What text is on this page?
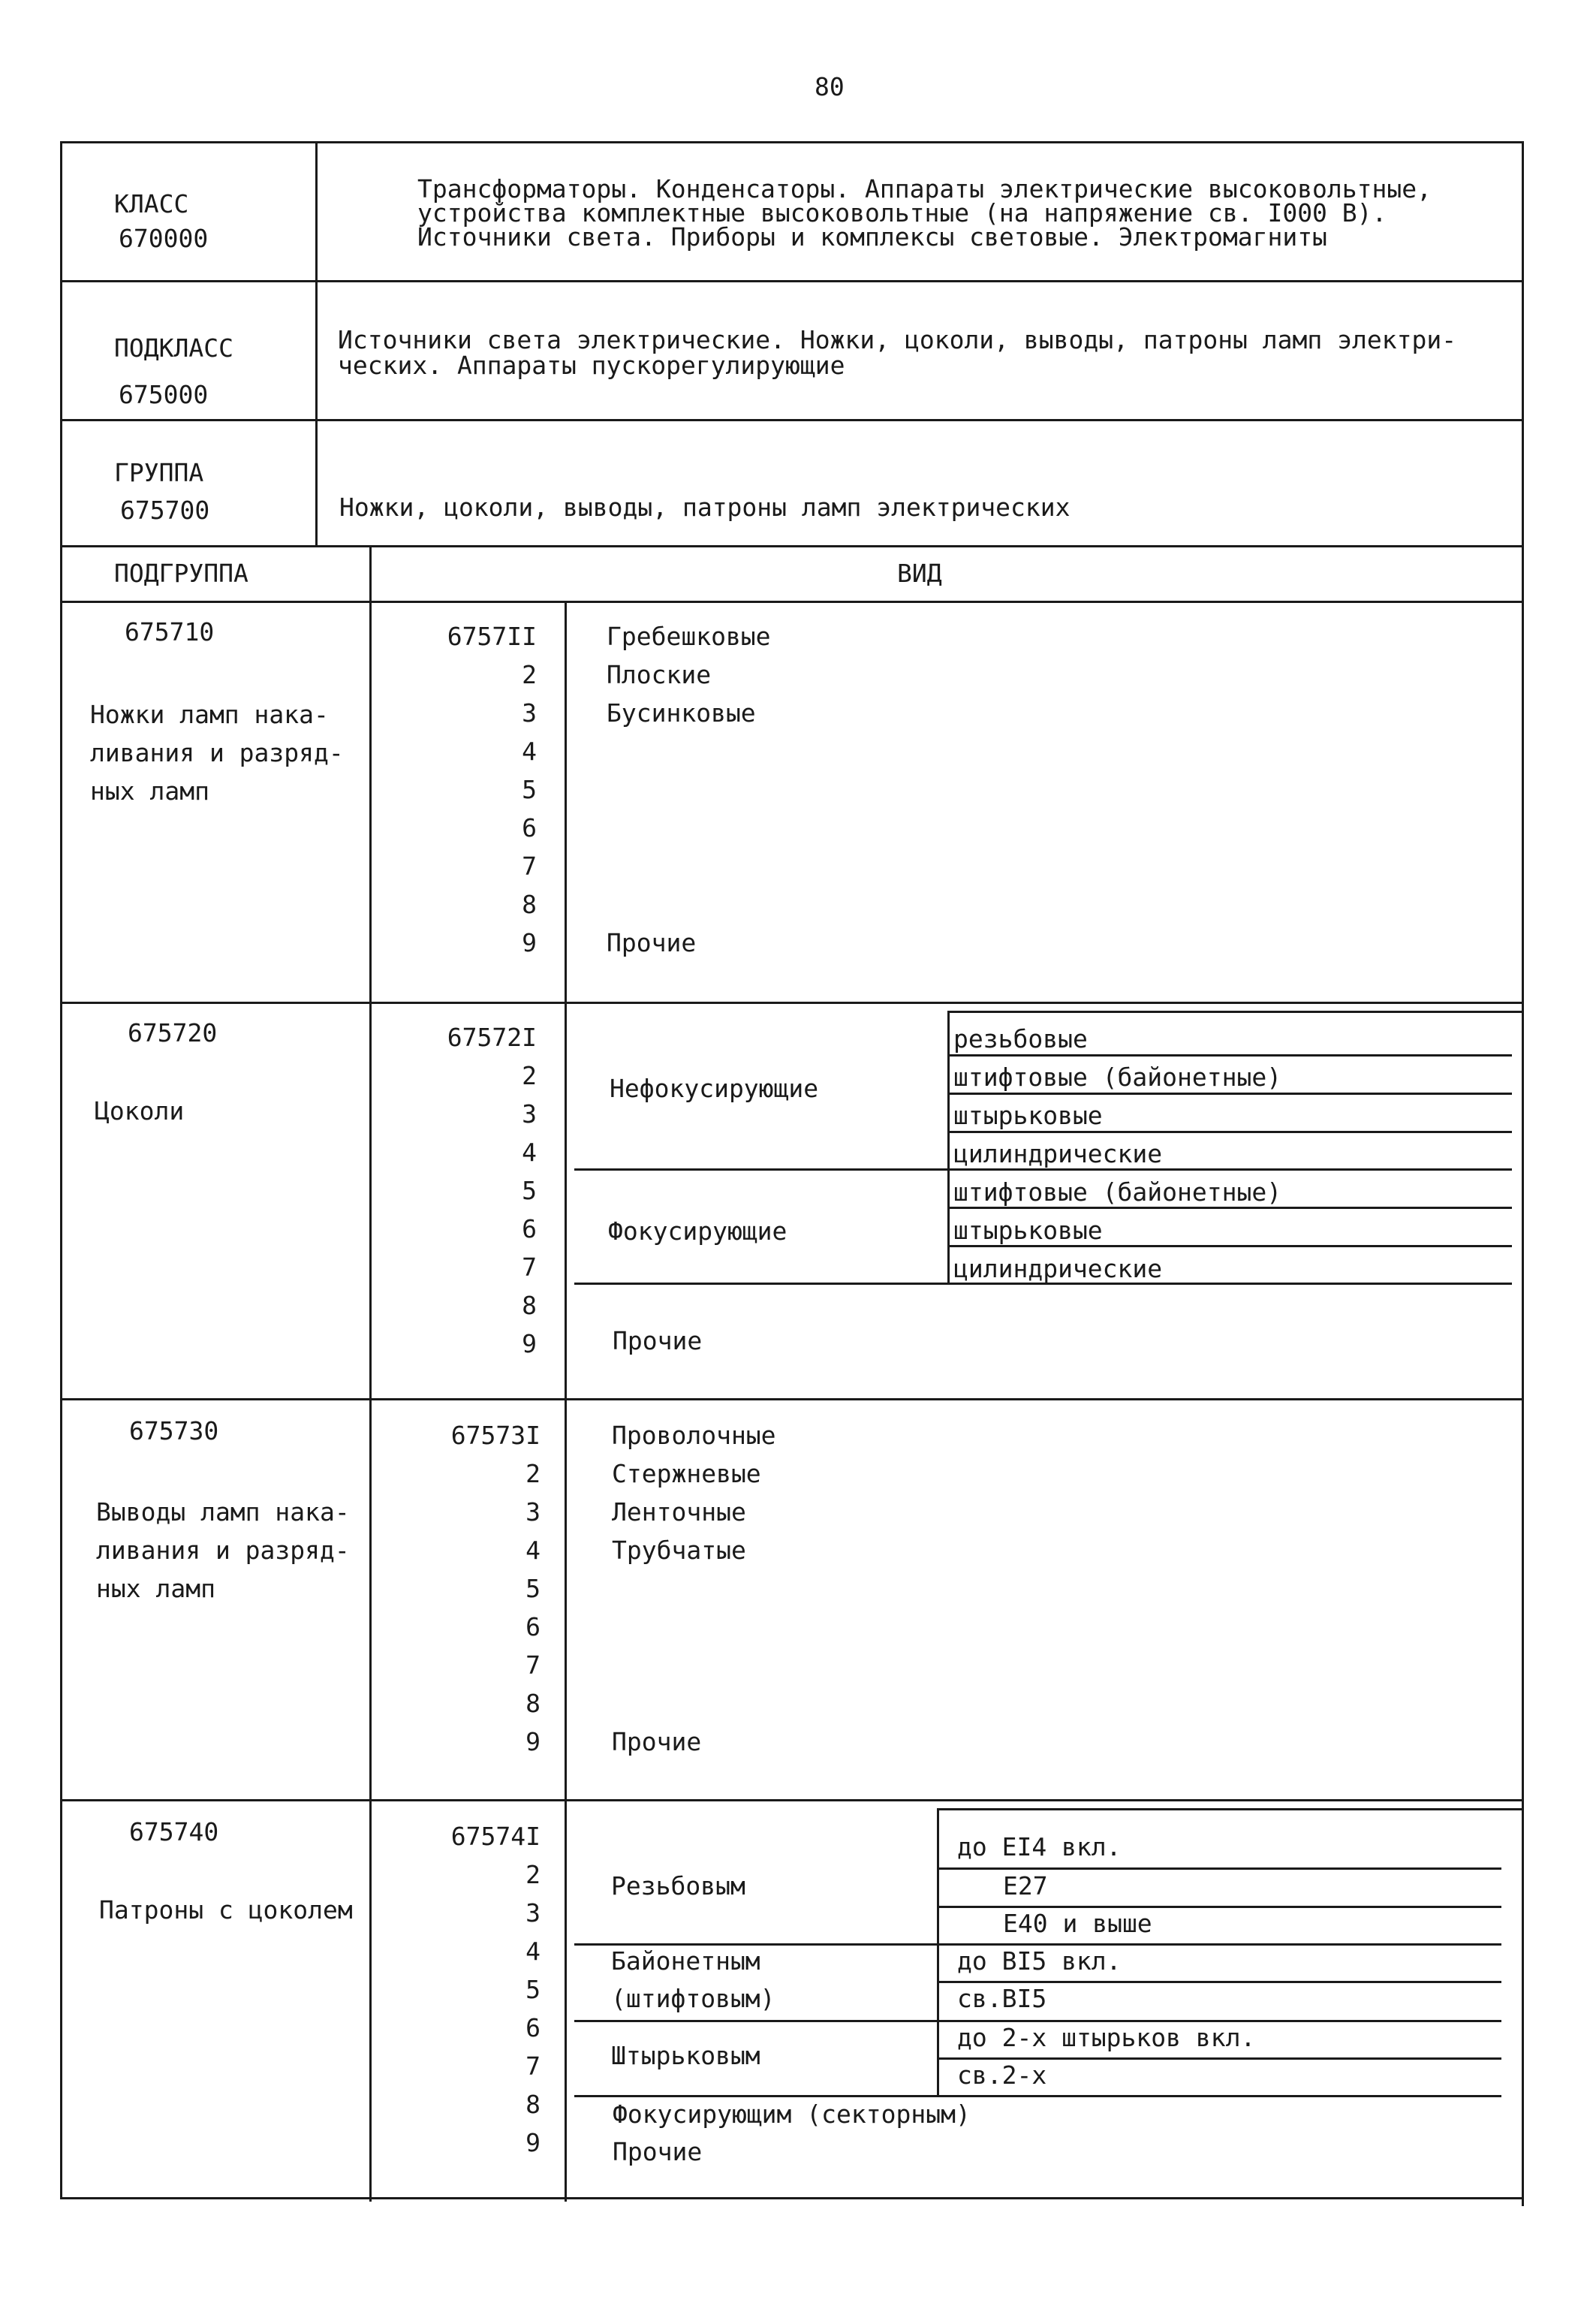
80
КЛАСС
670000
Трансформаторы. Конденсаторы. Аппараты электрические высоковольтные,
устройства комплектные высоковольтные (на напряжение св. I000 В).
Источники света. Приборы и комплексы световые. Электромагниты
ПОДКЛАСС
675000
Источники света электрические. Ножки, цоколи, выводы, патроны ламп электри-
ческих. Аппараты пускорегулирующие
ГРУППА
675700	Ножки, цоколи, выводы, патроны ламп электрических
ПОДГРУППА	ВИД
675710
Ножки ламп нака-
ливания и разряд-
ных ламп
6757II
2
3
4
5
6
7
8
9
Гребешковые
Плоские
Бусинковые
Прочие
675720
Цоколи
67572I
2
3
4
5
6
7
8
9
Нефокусирующие
Фокусирующие
резьбовые
штифтовые (байонетные)
штырьковые
цилиндрические
штифтовые (байонетные)
штырьковые
цилиндрические
Прочие
675730
Выводы ламп нака-
ливания и разряд-
ных ламп
67573I
2
3
4
5
6
7
8
9
Проволочные
Стержневые
Ленточные
Трубчатые
Прочие
675740
Патроны с цоколем
67574I
2
3
4
5
6
7
8
9
Резьбовым
Байонетным
(штифтовым)
Штырьковым
до EI4 вкл.
E27
E40 и выше
до BI5 вкл.
св.BI5
до 2-х штырьков вкл.
св.2-х
Фокусирующим (секторным)
Прочие
